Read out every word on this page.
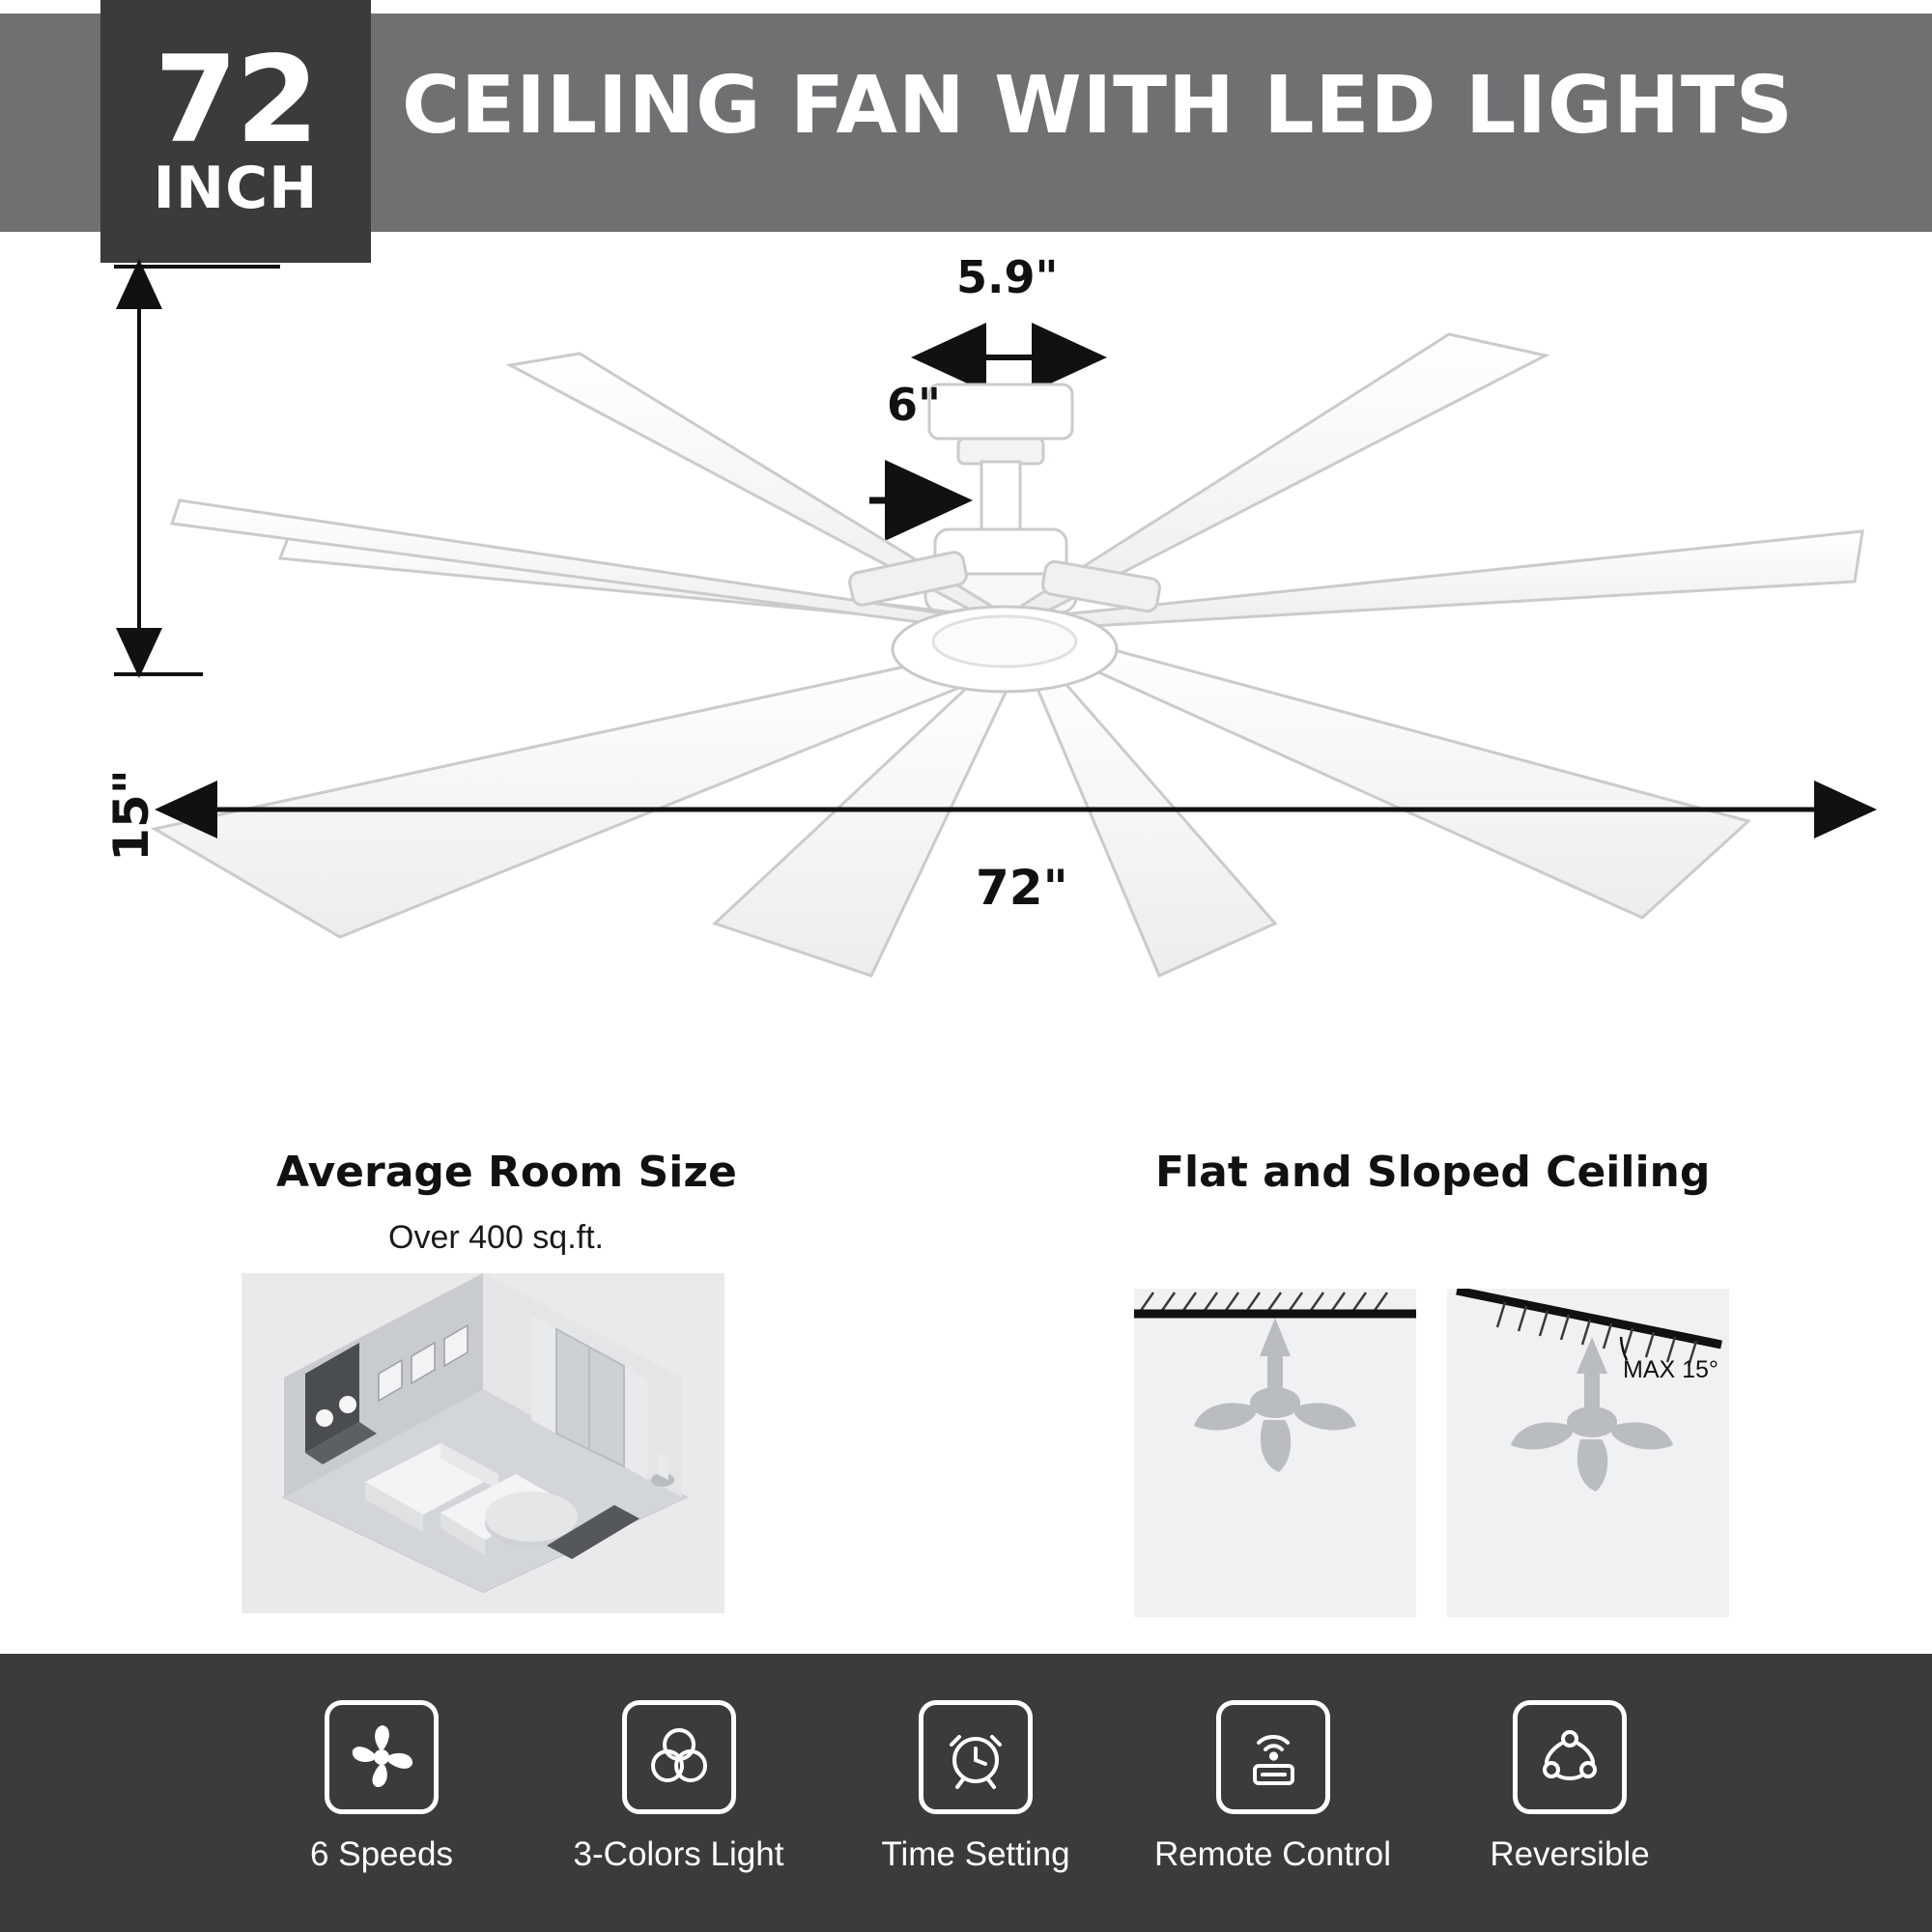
72
INCH
CEILING FAN WITH LED LIGHTS
15"
5.9"
6"
72"
Average Room Size
Over 400 sq.ft.
Flat and Sloped Ceiling
MAX 15°
6 Speeds	3-Colors Light	Time Setting Remote Control	Reversible
